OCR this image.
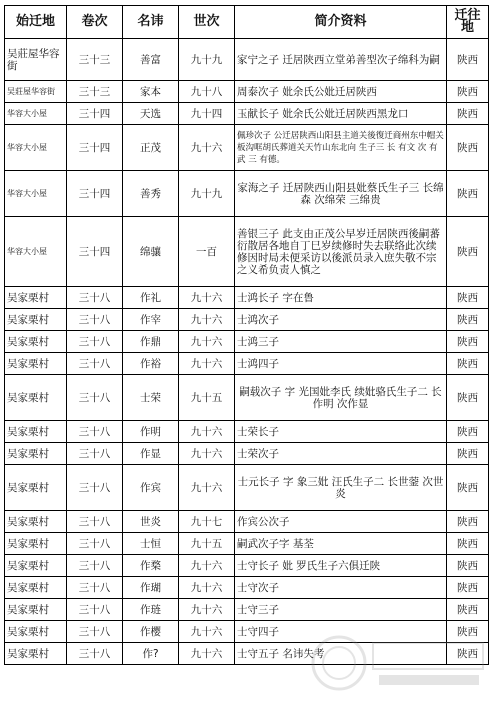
始迁地	卷次	名讳	世次	简介资料	迁往地
吴莊屋华容街	三十三	善富	九十九	家宁之子 迁居陕西立堂弟善型次子绵科为嗣	陕西
吴莊屋华容街	三十三	家本	九十八	周泰次子 妣余氏公妣迁居陕西	陕西
华容大小屋	三十四	天选	九十四	玉献长子 妣余氏公妣迁居陕西黑龙口	陕西
华容大小屋	三十四	正茂	九十六	佩珍次子 公迁居陕西山阳县主道关後復迁商州东中帽关板沟哐胡氏葬道关天竹山东北向 生子三 长 有文 次 有武 三 有德。	陕西
华容大小屋	三十四	善秀	九十九	家海之子 迁居陕西山阳县妣蔡氏生子三 长绵森 次绵荣 三绵贵	陕西
华容大小屋	三十四	绵骧	一百	善银三子 此支由正茂公早岁迁居陕西後嗣蕃衍散居各地自丁巳岁续修时失去联络此次续修因时局未便采访以後派员录入庶失敬不宗之义希负责人慎之	陕西
吴家栗村	三十八	作礼	九十六	士鸿长子 字在鲁	陕西
吴家栗村	三十八	作宰	九十六	士鸿次子	陕西
吴家栗村	三十八	作鼎	九十六	士鸿三子	陕西
吴家栗村	三十八	作裕	九十六	士鸿四子	陕西
吴家栗村	三十八	士荣	九十五	嗣载次子 字 光国妣李氏 续妣骆氏生子二 长作明 次作显	陕西
吴家栗村	三十八	作明	九十六	士荣长子	陕西
吴家栗村	三十八	作显	九十六	士荣次子	陕西
吴家栗村	三十八	作宾	九十六	士元长子 字 象三妣 汪氏生子二 长世蓥 次世炎	陕西
吴家栗村	三十八	世炎	九十七	作宾公次子	陕西
吴家栗村	三十八	士恒	九十五	嗣武次子字 基荃	陕西
吴家栗村	三十八	作楘	九十六	士守长子 妣 罗氏生子六俱迁陕	陕西
吴家栗村	三十八	作瑚	九十六	士守次子	陕西
吴家栗村	三十八	作琏	九十六	士守三子	陕西
吴家栗村	三十八	作樱	九十六	士守四子	陕西
吴家栗村	三十八	作?	九十六	士守五子 名讳失考	陕西
